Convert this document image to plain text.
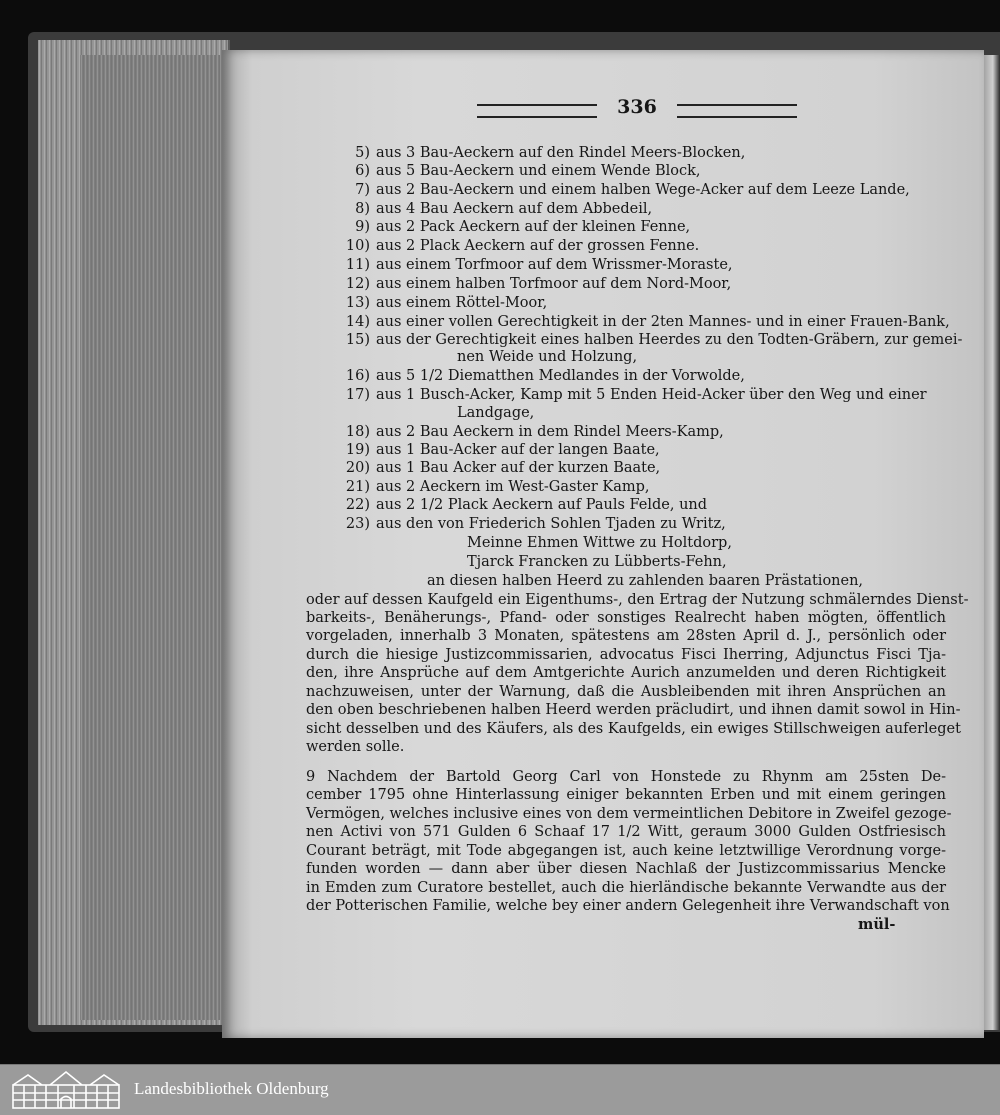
336
5) aus 3 Bau-Aeckern auf den Rindel Meers-Blocken,
6) aus 5 Bau-Aeckern und einem Wende Block,
7) aus 2 Bau-Aeckern und einem halben Wege-Acker auf dem Leeze Lande,
8) aus 4 Bau Aeckern auf dem Abbedeil,
9) aus 2 Pack Aeckern auf der kleinen Fenne,
10) aus 2 Plack Aeckern auf der grossen Fenne.
11) aus einem Torfmoor auf dem Wrissmer-Moraste,
12) aus einem halben Torfmoor auf dem Nord-Moor,
13) aus einem Röttel-Moor,
14) aus einer vollen Gerechtigkeit in der 2ten Mannes- und in einer Frauen-Bank,
15) aus der Gerechtigkeit eines halben Heerdes zu den Todten-Gräbern, zur gemei-
nen Weide und Holzung,
16) aus 5 1/2 Diematthen Medlandes in der Vorwolde,
17) aus 1 Busch-Acker, Kamp mit 5 Enden Heid-Acker über den Weg und einer
Landgage,
18) aus 2 Bau Aeckern in dem Rindel Meers-Kamp,
19) aus 1 Bau-Acker auf der langen Baate,
20) aus 1 Bau Acker auf der kurzen Baate,
21) aus 2 Aeckern im West-Gaster Kamp,
22) aus 2 1/2 Plack Aeckern auf Pauls Felde, und
23) aus den von Friederich Sohlen Tjaden zu Writz,
Meinne Ehmen Wittwe zu Holtdorp,
Tjarck Francken zu Lübberts-Fehn,
an diesen halben Heerd zu zahlenden baaren Prästationen,
oder auf dessen Kaufgeld ein Eigenthums-, den Ertrag der Nutzung schmälerndes Dienst-
barkeits-, Benäherungs-, Pfand- oder sonstiges Realrecht haben mögten, öffentlich
vorgeladen, innerhalb 3 Monaten, spätestens am 28sten April d. J., persönlich oder
durch die hiesige Justizcommissarien, advocatus Fisci Iherring, Adjunctus Fisci Tja-
den, ihre Ansprüche auf dem Amtgerichte Aurich anzumelden und deren Richtigkeit
nachzuweisen, unter der Warnung, daß die Ausbleibenden mit ihren Ansprüchen an
den oben beschriebenen halben Heerd werden präcludirt, und ihnen damit sowol in Hin-
sicht desselben und des Käufers, als des Kaufgelds, ein ewiges Stillschweigen auferleget
werden solle.
9 Nachdem der Bartold Georg Carl von Honstede zu Rhynm am 25sten De-
cember 1795 ohne Hinterlassung einiger bekannten Erben und mit einem geringen
Vermögen, welches inclusive eines von dem vermeintlichen Debitore in Zweifel gezoge-
nen Activi von 571 Gulden 6 Schaaf 17 1/2 Witt, geraum 3000 Gulden Ostfriesisch
Courant beträgt, mit Tode abgegangen ist, auch keine letztwillige Verordnung vorge-
funden worden — dann aber über diesen Nachlaß der Justizcommissarius Mencke
in Emden zum Curatore bestellet, auch die hierländische bekannte Verwandte aus der
der Potterischen Familie, welche bey einer andern Gelegenheit ihre Verwandschaft von
mül-
Landesbibliothek Oldenburg
